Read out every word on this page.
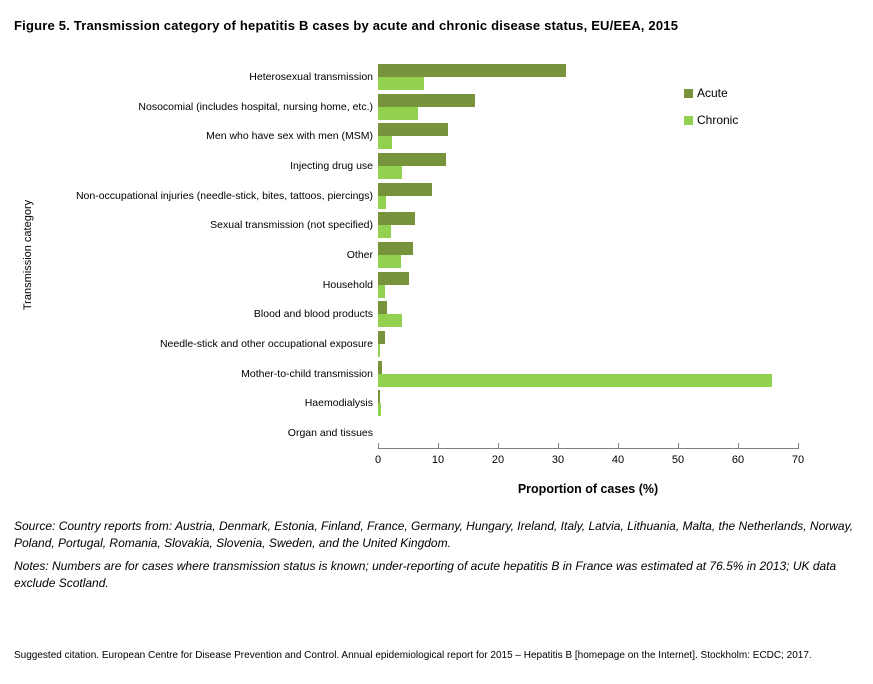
Figure 5. Transmission category of hepatitis B cases by acute and chronic disease status, EU/EEA, 2015
Transmission category
Heterosexual transmission
Nosocomial (includes hospital, nursing home, etc.)
Men who have sex with men (MSM)
Injecting drug use
Non-occupational injuries (needle-stick, bites, tattoos, piercings)
Sexual transmission (not specified)
Other
Household
Blood and blood products
Needle-stick and other occupational exposure
Mother-to-child transmission
Haemodialysis
Organ and tissues
0	10	20	30	40	50	60	70
Proportion of cases (%)
Acute
Chronic
Source: Country reports from: Austria, Denmark, Estonia, Finland, France, Germany, Hungary, Ireland, Italy, Latvia, Lithuania, Malta, the Netherlands, Norway, Poland, Portugal, Romania, Slovakia, Slovenia, Sweden, and the United Kingdom.
Notes: Numbers are for cases where transmission status is known; under-reporting of acute hepatitis B in France was estimated at 76.5% in 2013; UK data exclude Scotland.
Suggested citation. European Centre for Disease Prevention and Control. Annual epidemiological report for 2015 – Hepatitis B [homepage on the Internet]. Stockholm: ECDC; 2017.
